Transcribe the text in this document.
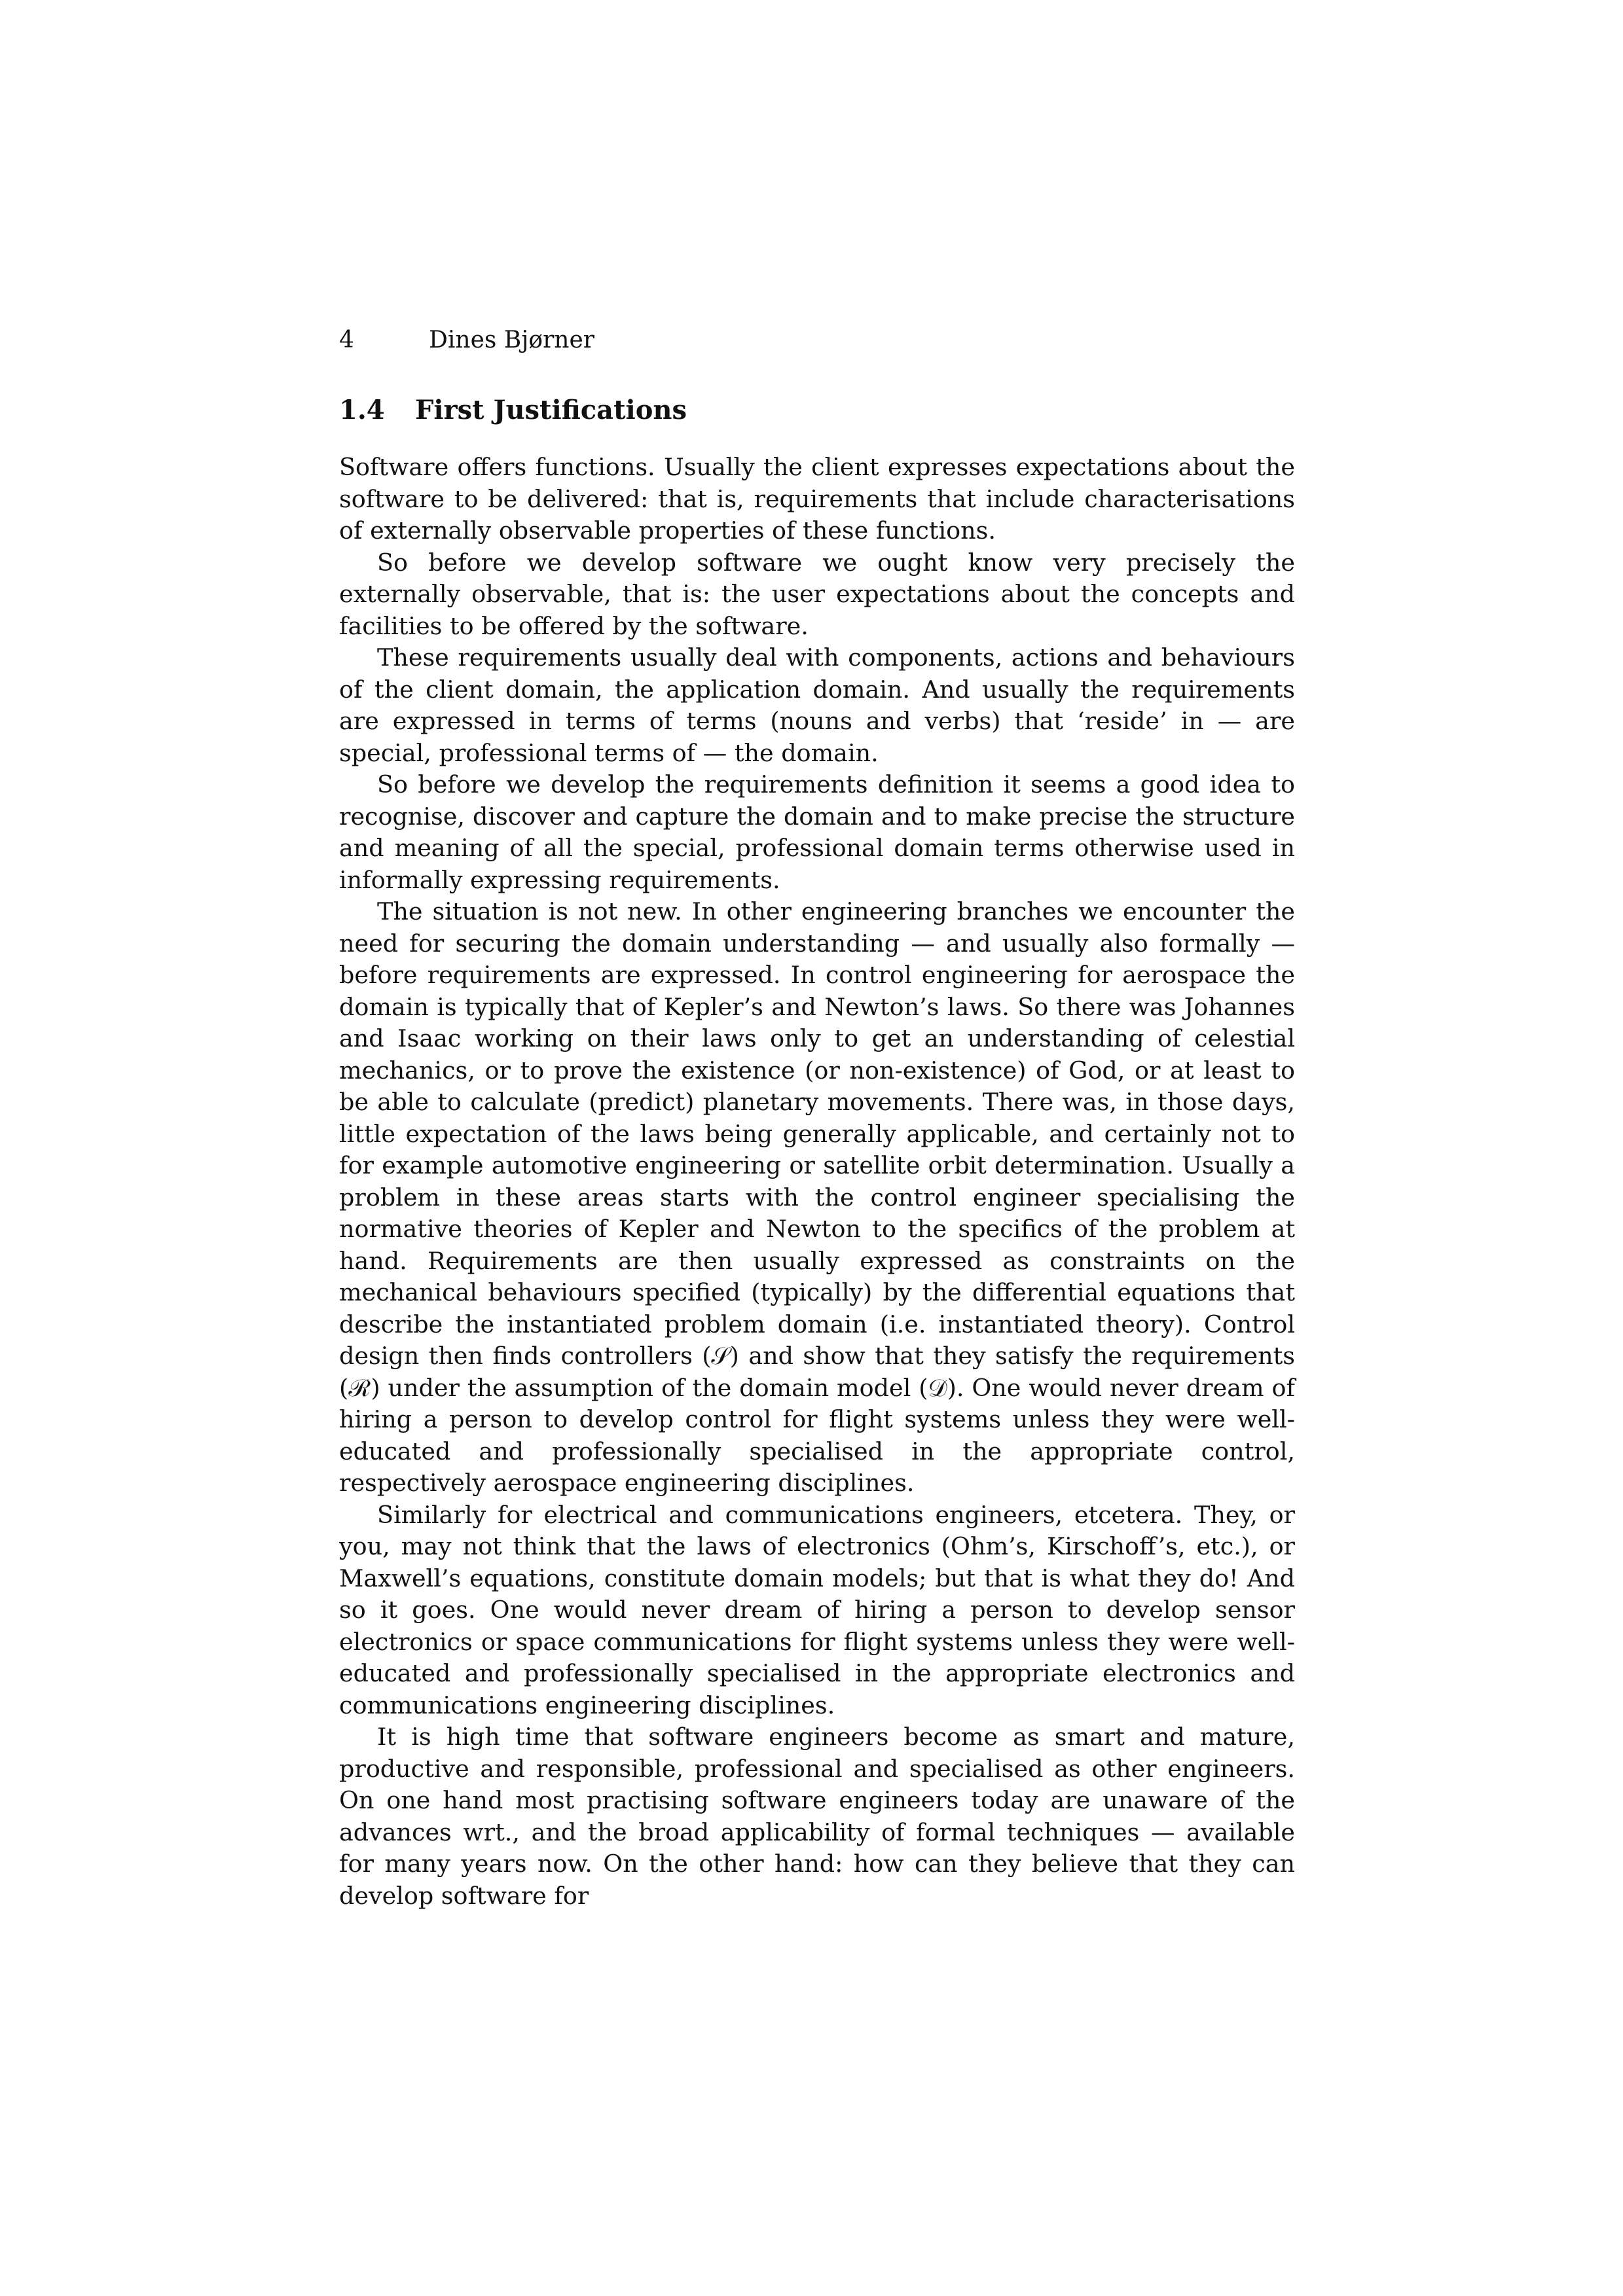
4	Dines Bjørner
1.4 First Justifications

Software offers functions. Usually the client expresses expectations about the software to be delivered: that is, requirements that include characterisations of externally observable properties of these functions.

So before we develop software we ought know very precisely the externally observable, that is: the user expectations about the concepts and facilities to be offered by the software.

These requirements usually deal with components, actions and behaviours of the client domain, the application domain. And usually the requirements are expressed in terms of terms (nouns and verbs) that ‘reside’ in — are special, professional terms of — the domain.

So before we develop the requirements definition it seems a good idea to recognise, discover and capture the domain and to make precise the structure and meaning of all the special, professional domain terms otherwise used in informally expressing requirements.

The situation is not new. In other engineering branches we encounter the need for securing the domain understanding — and usually also formally — before requirements are expressed. In control engineering for aerospace the domain is typically that of Kepler’s and Newton’s laws. So there was Johannes and Isaac working on their laws only to get an understanding of celestial mechanics, or to prove the existence (or non-existence) of God, or at least to be able to calculate (predict) planetary movements. There was, in those days, little expectation of the laws being generally applicable, and certainly not to for example automotive engineering or satellite orbit determination. Usually a problem in these areas starts with the control engineer specialising the normative theories of Kepler and Newton to the specifics of the problem at hand. Requirements are then usually expressed as constraints on the mechanical behaviours specified (typically) by the differential equations that describe the instantiated problem domain (i.e. instantiated theory). Control design then finds controllers (𝒮) and show that they satisfy the requirements (ℛ) under the assumption of the domain model (𝒟). One would never dream of hiring a person to develop control for flight systems unless they were well-educated and professionally specialised in the appropriate control, respectively aerospace engineering disciplines.

Similarly for electrical and communications engineers, etcetera. They, or you, may not think that the laws of electronics (Ohm’s, Kirschoff’s, etc.), or Maxwell’s equations, constitute domain models; but that is what they do! And so it goes. One would never dream of hiring a person to develop sensor electronics or space communications for flight systems unless they were well-educated and professionally specialised in the appropriate electronics and communications engineering disciplines.

It is high time that software engineers become as smart and mature, productive and responsible, professional and specialised as other engineers. On one hand most practising software engineers today are unaware of the advances wrt., and the broad applicability of formal techniques — available for many years now. On the other hand: how can they believe that they can develop software for
